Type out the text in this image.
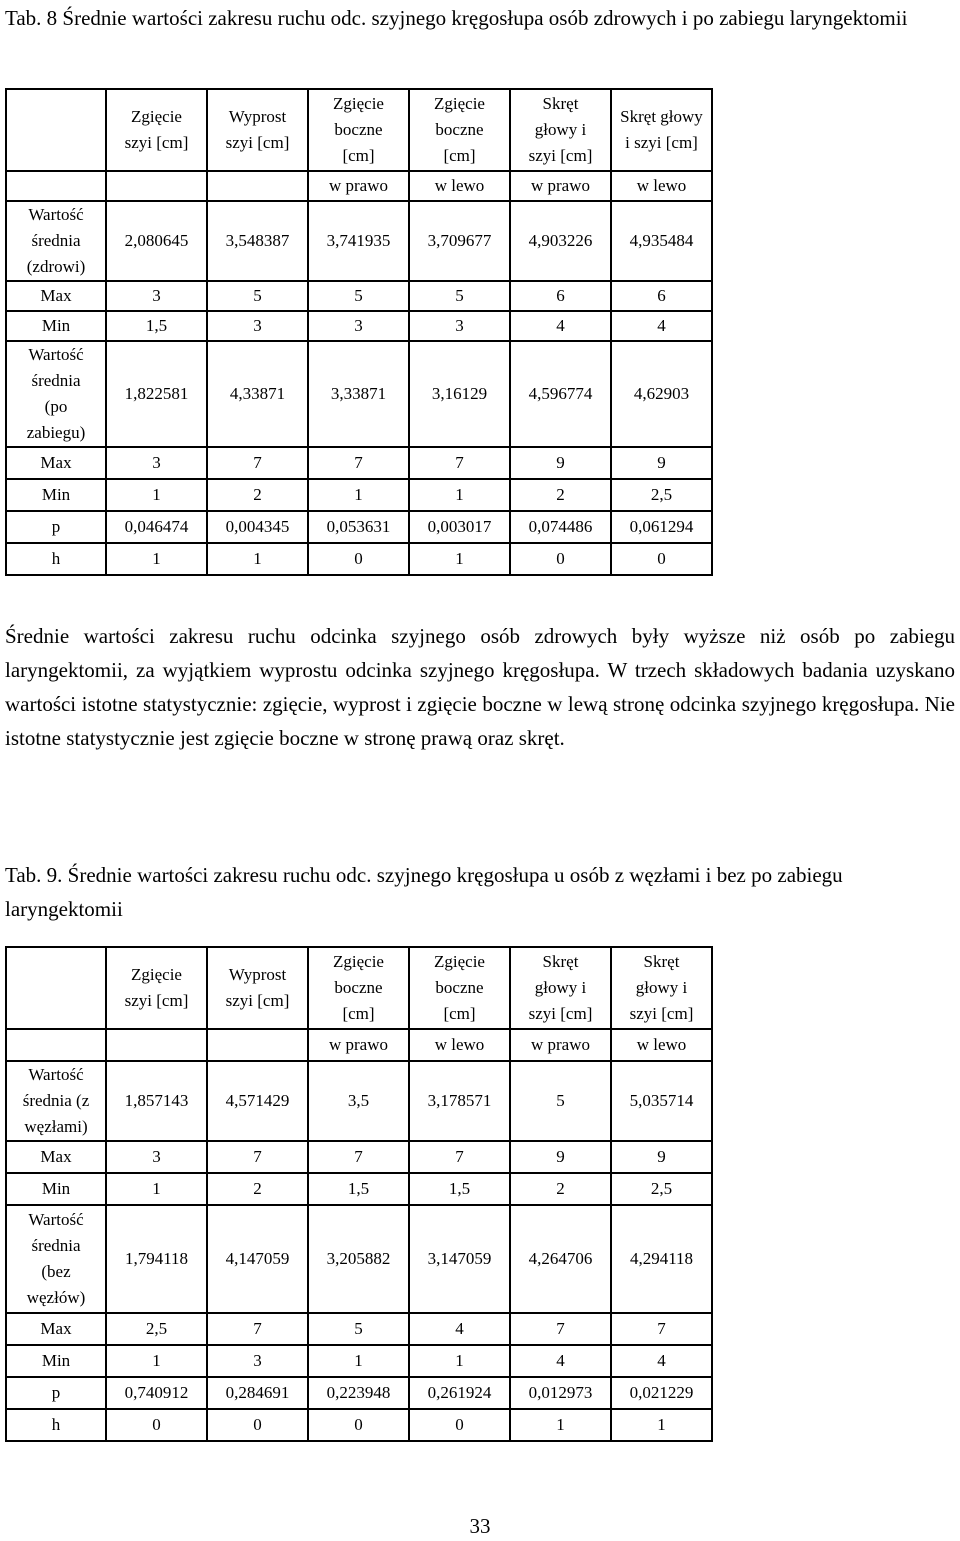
Tab. 8 Średnie wartości zakresu ruchu odc. szyjnego kręgosłupa osób zdrowych i po zabiegu laryngektomii

	Zgięcie
szyi [cm]	Wyprost
szyi [cm]	Zgięcie
boczne
[cm]	Zgięcie
boczne
[cm]	Skręt
głowy i
szyi [cm]	Skręt głowy
i szyi [cm]
			w prawo	w lewo	w prawo	w lewo
Wartość
średnia
(zdrowi)	2,080645	3,548387	3,741935	3,709677	4,903226	4,935484
Max	3	5	5	5	6	6
Min	1,5	3	3	3	4	4
Wartość
średnia
(po
zabiegu)	1,822581	4,33871	3,33871	3,16129	4,596774	4,62903
Max	3	7	7	7	9	9
Min	1	2	1	1	2	2,5
p	0,046474	0,004345	0,053631	0,003017	0,074486	0,061294
h	1	1	0	1	0	0

Średnie wartości zakresu ruchu odcinka szyjnego osób zdrowych były wyższe niż osób po zabiegu laryngektomii, za wyjątkiem wyprostu odcinka szyjnego kręgosłupa. W trzech składowych badania uzyskano wartości istotne statystycznie: zgięcie, wyprost i zgięcie boczne w lewą stronę odcinka szyjnego kręgosłupa. Nie istotne statystycznie jest zgięcie boczne w stronę prawą oraz skręt.

Tab. 9. Średnie wartości zakresu ruchu odc. szyjnego kręgosłupa u osób z węzłami i bez po zabiegu laryngektomii

	Zgięcie
szyi [cm]	Wyprost
szyi [cm]	Zgięcie
boczne
[cm]	Zgięcie
boczne
[cm]	Skręt
głowy i
szyi [cm]	Skręt
głowy i
szyi [cm]
			w prawo	w lewo	w prawo	w lewo
Wartość
średnia (z
węzłami)	1,857143	4,571429	3,5	3,178571	5	5,035714
Max	3	7	7	7	9	9
Min	1	2	1,5	1,5	2	2,5
Wartość
średnia
(bez
węzłów)	1,794118	4,147059	3,205882	3,147059	4,264706	4,294118
Max	2,5	7	5	4	7	7
Min	1	3	1	1	4	4
p	0,740912	0,284691	0,223948	0,261924	0,012973	0,021229
h	0	0	0	0	1	1

33
